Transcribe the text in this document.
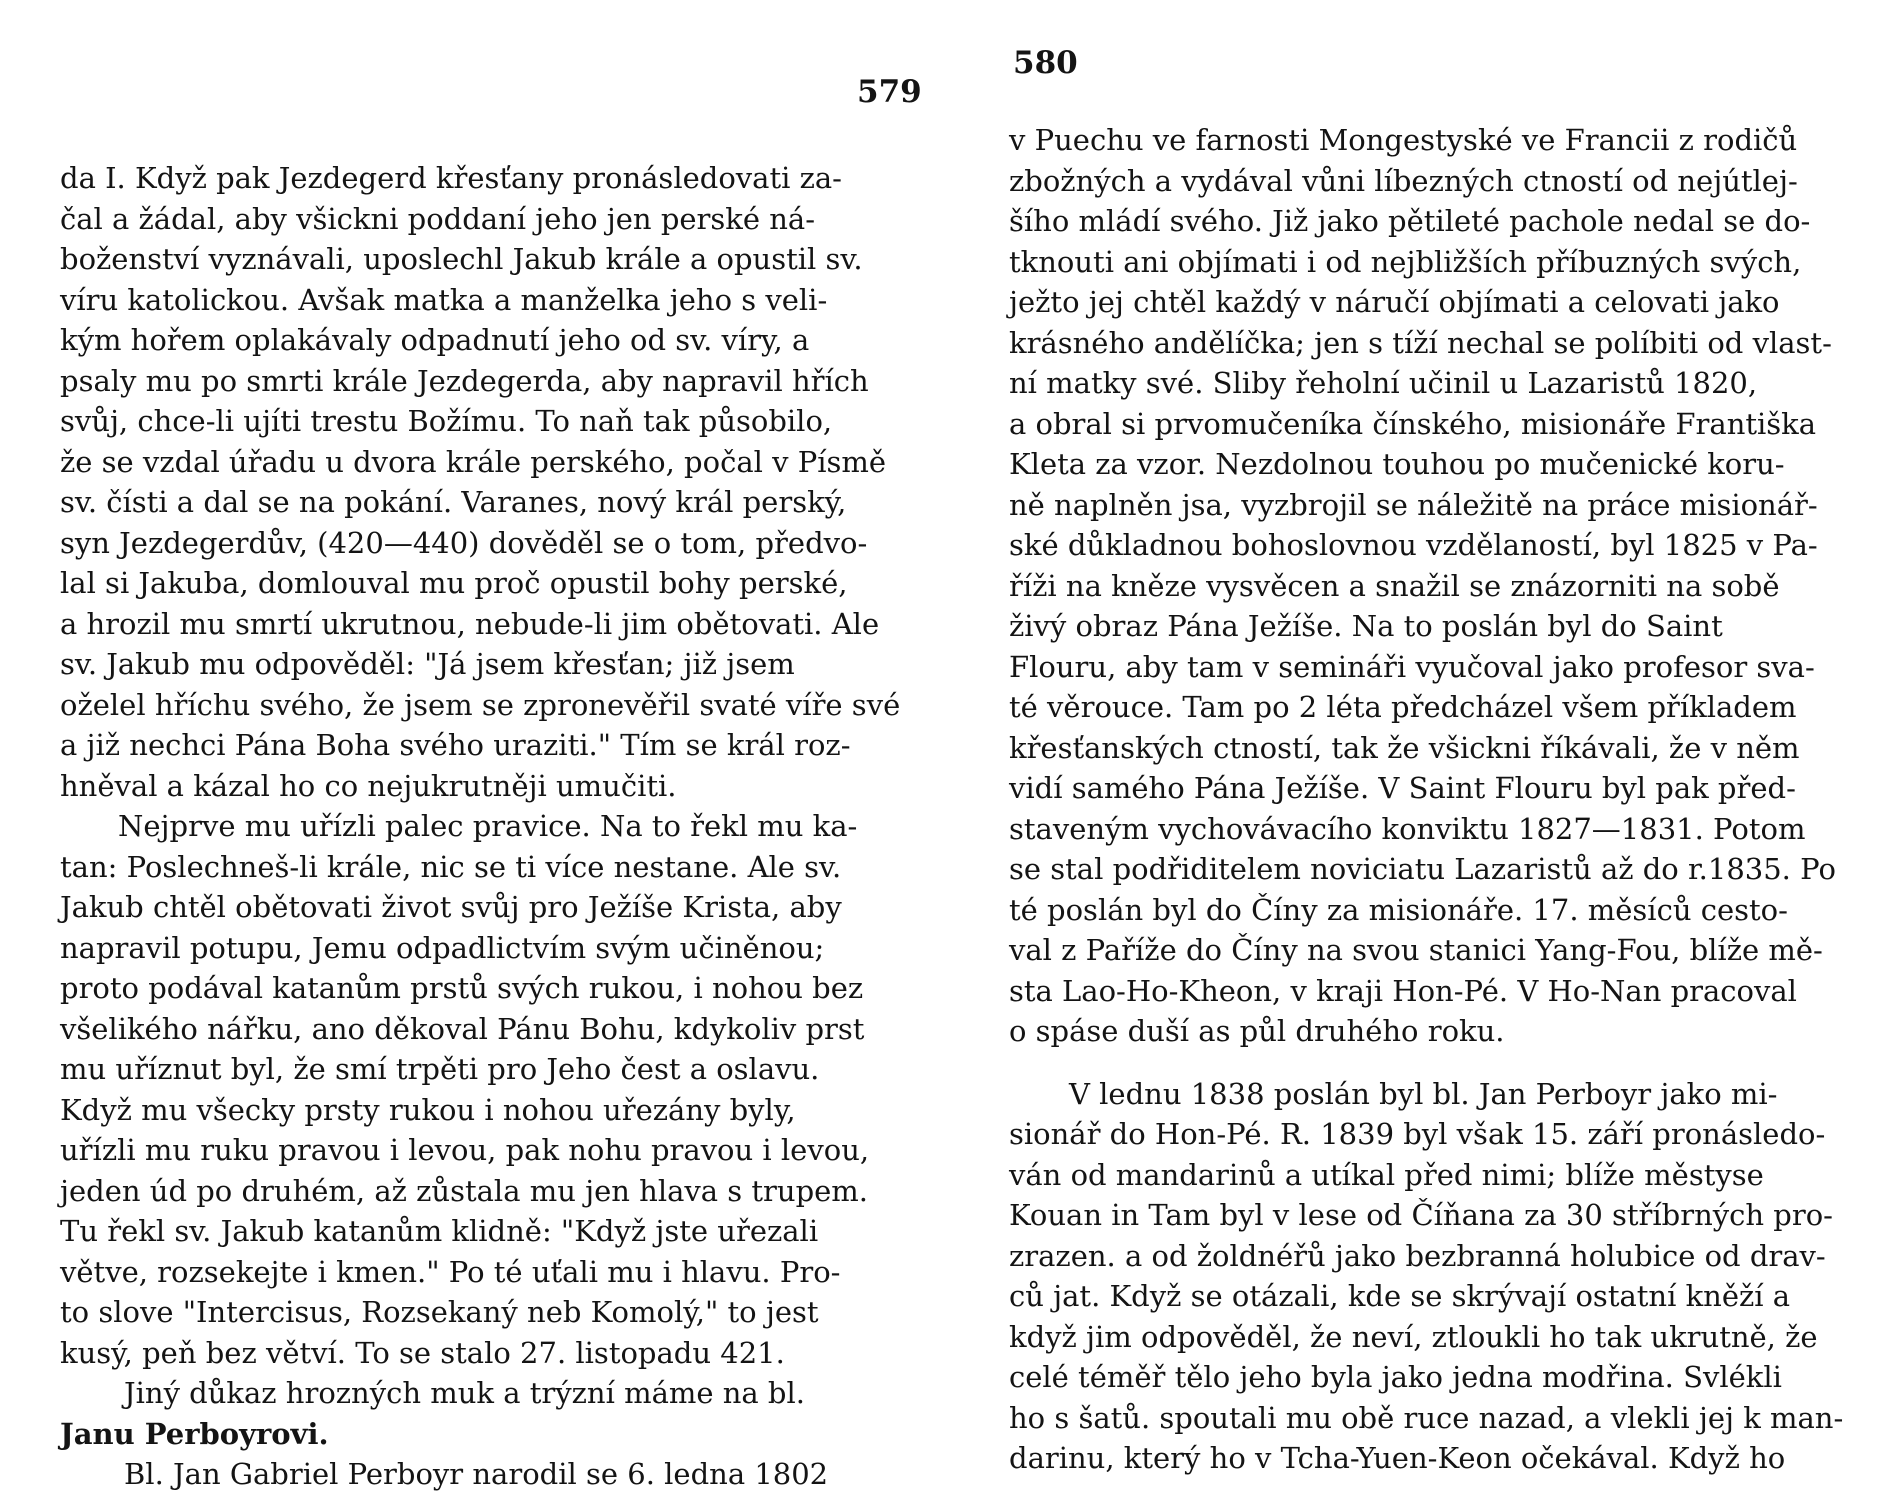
579
da I. Když pak Jezdegerd křesťany pronásledovati za-
čal a žádal, aby všickni poddaní jeho jen perské ná-
boženství vyznávali, uposlechl Jakub krále a opustil sv.
víru katolickou. Avšak matka a manželka jeho s veli-
kým hořem oplakávaly odpadnutí jeho od sv. víry, a
psaly mu po smrti krále Jezdegerda, aby napravil hřích
svůj, chce-li ujíti trestu Božímu. To naň tak působilo,
že se vzdal úřadu u dvora krále perského, počal v Písmě
sv. čísti a dal se na pokání. Varanes, nový král perský,
syn Jezdegerdův, (420—440) dověděl se o tom, předvo-
lal si Jakuba, domlouval mu proč opustil bohy perské,
a hrozil mu smrtí ukrutnou, nebude-li jim obětovati. Ale
sv. Jakub mu odpověděl: "Já jsem křesťan; již jsem
oželel hříchu svého, že jsem se zpronevěřil svaté víře své
a již nechci Pána Boha svého uraziti." Tím se král roz-
hněval a kázal ho co nejukrutněji umučiti.
Nejprve mu uřízli palec pravice. Na to řekl mu ka-
tan: Poslechneš-li krále, nic se ti více nestane. Ale sv.
Jakub chtěl obětovati život svůj pro Ježíše Krista, aby
napravil potupu, Jemu odpadlictvím svým učiněnou;
proto podával katanům prstů svých rukou, i nohou bez
všelikého nářku, ano děkoval Pánu Bohu, kdykoliv prst
mu uříznut byl, že smí trpěti pro Jeho čest a oslavu.
Když mu všecky prsty rukou i nohou uřezány byly,
uřízli mu ruku pravou i levou, pak nohu pravou i levou,
jeden úd po druhém, až zůstala mu jen hlava s trupem.
Tu řekl sv. Jakub katanům klidně: "Když jste uřezali
větve, rozsekejte i kmen." Po té uťali mu i hlavu. Pro-
to slove "Intercisus, Rozsekaný neb Komolý," to jest
kusý, peň bez větví. To se stalo 27. listopadu 421.
Jiný důkaz hrozných muk a trýzní máme na bl.
Janu Perboyrovi.
Bl. Jan Gabriel Perboyr narodil se 6. ledna 1802
580
v Puechu ve farnosti Mongestyské ve Francii z rodičů
zbožných a vydával vůni líbezných ctností od nejútlej-
šího mládí svého. Již jako pětileté pachole nedal se do-
tknouti ani objímati i od nejbližších příbuzných svých,
ježto jej chtěl každý v náručí objímati a celovati jako
krásného andělíčka; jen s tíží nechal se políbiti od vlast-
ní matky své. Sliby řeholní učinil u Lazaristů 1820,
a obral si prvomučeníka čínského, misionáře Františka
Kleta za vzor. Nezdolnou touhou po mučenické koru-
ně naplněn jsa, vyzbrojil se náležitě na práce misionář-
ské důkladnou bohoslovnou vzdělaností, byl 1825 v Pa-
říži na kněze vysvěcen a snažil se znázorniti na sobě
živý obraz Pána Ježíše. Na to poslán byl do Saint
Flouru, aby tam v semináři vyučoval jako profesor sva-
té věrouce. Tam po 2 léta předcházel všem příkladem
křesťanských ctností, tak že všickni říkávali, že v něm
vidí samého Pána Ježíše. V Saint Flouru byl pak před-
staveným vychovávacího konviktu 1827—1831. Potom
se stal podřiditelem noviciatu Lazaristů až do r.1835. Po
té poslán byl do Číny za misionáře. 17. měsíců cesto-
val z Paříže do Číny na svou stanici Yang-Fou, blíže mě-
sta Lao-Ho-Kheon, v kraji Hon-Pé. V Ho-Nan pracoval
o spáse duší as půl druhého roku.
V lednu 1838 poslán byl bl. Jan Perboyr jako mi-
sionář do Hon-Pé. R. 1839 byl však 15. září pronásledo-
ván od mandarinů a utíkal před nimi; blíže městyse
Kouan in Tam byl v lese od Číňana za 30 stříbrných pro-
zrazen. a od žoldnéřů jako bezbranná holubice od drav-
ců jat. Když se otázali, kde se skrývají ostatní kněží a
když jim odpověděl, že neví, ztloukli ho tak ukrutně, že
celé téměř tělo jeho byla jako jedna modřina. Svlékli
ho s šatů. spoutali mu obě ruce nazad, a vlekli jej k man-
darinu, který ho v Tcha-Yuen-Keon očekával. Když ho
